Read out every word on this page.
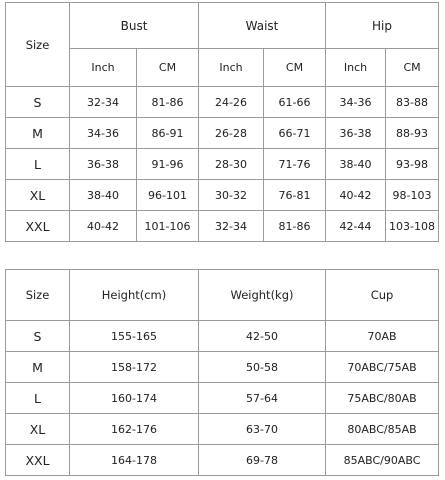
Size	Bust		Waist		Hip	
	Inch	CM	Inch	CM	Inch	CM
S	32-34	81-86	24-26	61-66	34-36	83-88
M	34-36	86-91	26-28	66-71	36-38	88-93
L	36-38	91-96	28-30	71-76	38-40	93-98
XL	38-40	96-101	30-32	76-81	40-42	98-103
XXL	40-42	101-106	32-34	81-86	42-44	103-108
Size	Height(cm)	Weight(kg)	Cup
S	155-165	42-50	70AB
M	158-172	50-58	70ABC/75AB
L	160-174	57-64	75ABC/80AB
XL	162-176	63-70	80ABC/85AB
XXL	164-178	69-78	85ABC/90ABC
